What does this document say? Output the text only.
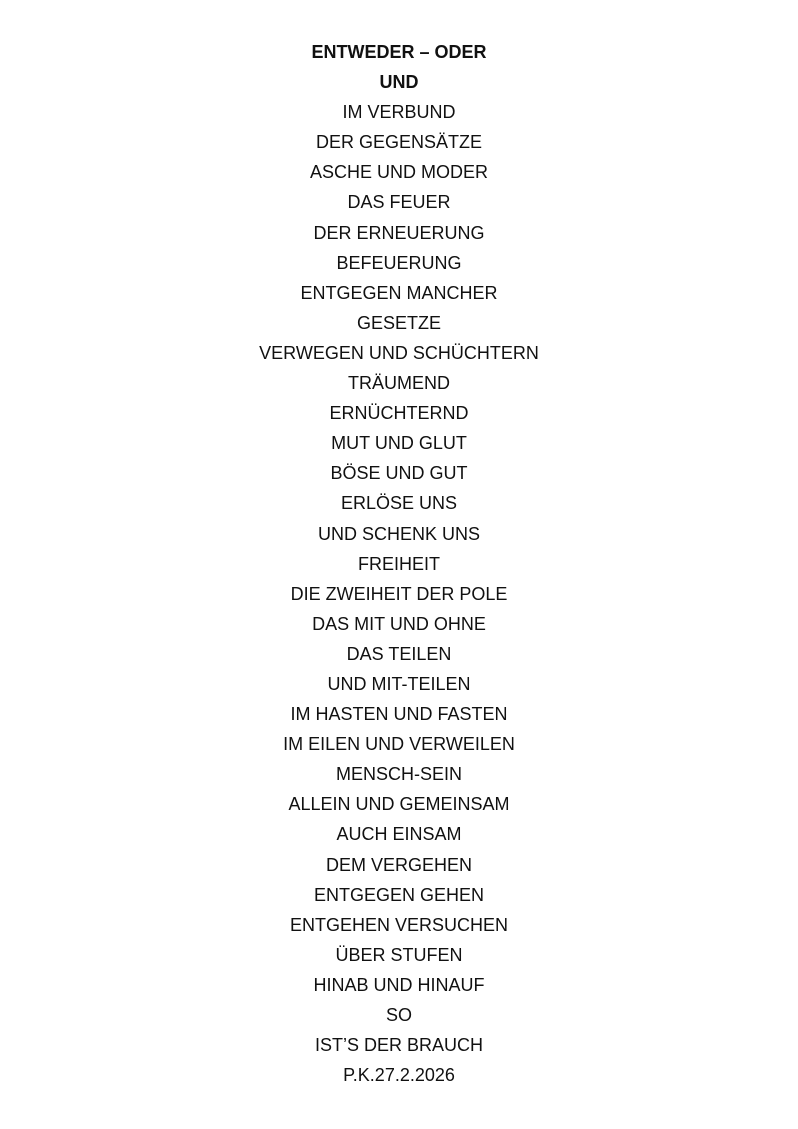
ENTWEDER – ODER
UND
IM VERBUND
DER GEGENSÄTZE
ASCHE UND MODER
DAS FEUER
DER ERNEUERUNG
BEFEUERUNG
ENTGEGEN MANCHER
GESETZE
VERWEGEN UND SCHÜCHTERN
TRÄUMEND
ERNÜCHTERND
MUT UND GLUT
BÖSE UND GUT
ERLÖSE UNS
UND SCHENK UNS
FREIHEIT
DIE ZWEIHEIT DER POLE
DAS MIT UND OHNE
DAS TEILEN
UND MIT-TEILEN
IM HASTEN UND FASTEN
IM EILEN UND VERWEILEN
MENSCH-SEIN
ALLEIN UND GEMEINSAM
AUCH EINSAM
DEM VERGEHEN
ENTGEGEN GEHEN
ENTGEHEN VERSUCHEN
ÜBER STUFEN
HINAB UND HINAUF
SO
IST’S DER BRAUCH
P.K.27.2.2026
